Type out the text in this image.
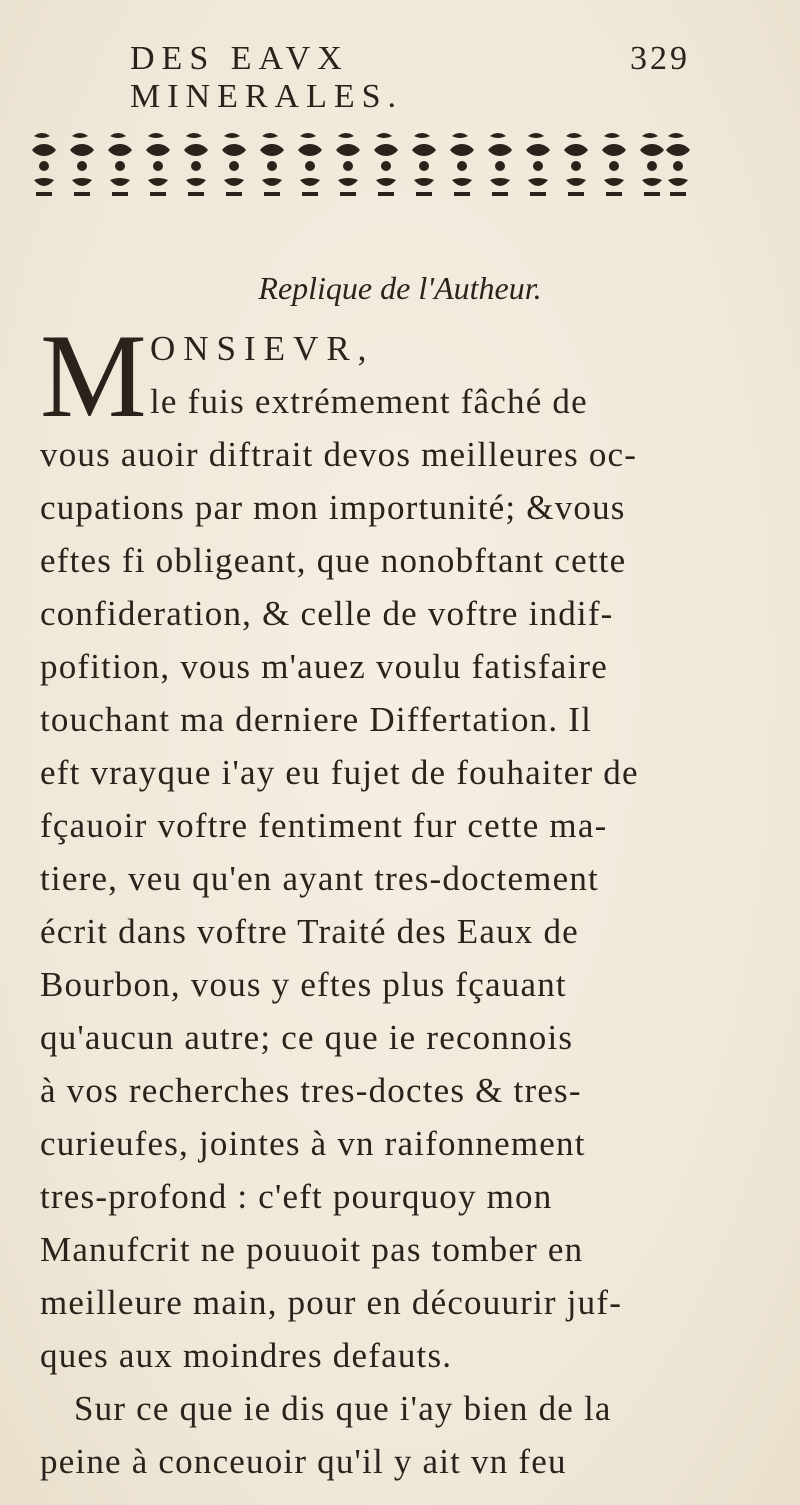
DES EAVX MINERALES.
329
Replique de l'Autheur.
M ONSIEVR,
le fuis extrémement fâché de
vous auoir diftrait devos meilleures oc-
cupations par mon importunité; &vous
eftes fi obligeant, que nonobftant cette
confideration, & celle de voftre indif-
pofition, vous m'auez voulu fatisfaire
touchant ma derniere Differtation. Il
eft vrayque i'ay eu fujet de fouhaiter de
fçauoir voftre fentiment fur cette ma-
tiere, veu qu'en ayant tres-doctement
écrit dans voftre Traité des Eaux de
Bourbon, vous y eftes plus fçauant
qu'aucun autre; ce que ie reconnois
à vos recherches tres-doctes & tres-
curieufes, jointes à vn raifonnement
tres-profond : c'eft pourquoy mon
Manufcrit ne pouuoit pas tomber en
meilleure main, pour en découurir juf-
ques aux moindres defauts.
Sur ce que ie dis que i'ay bien de la
peine à conceuoir qu'il y ait vn feu
